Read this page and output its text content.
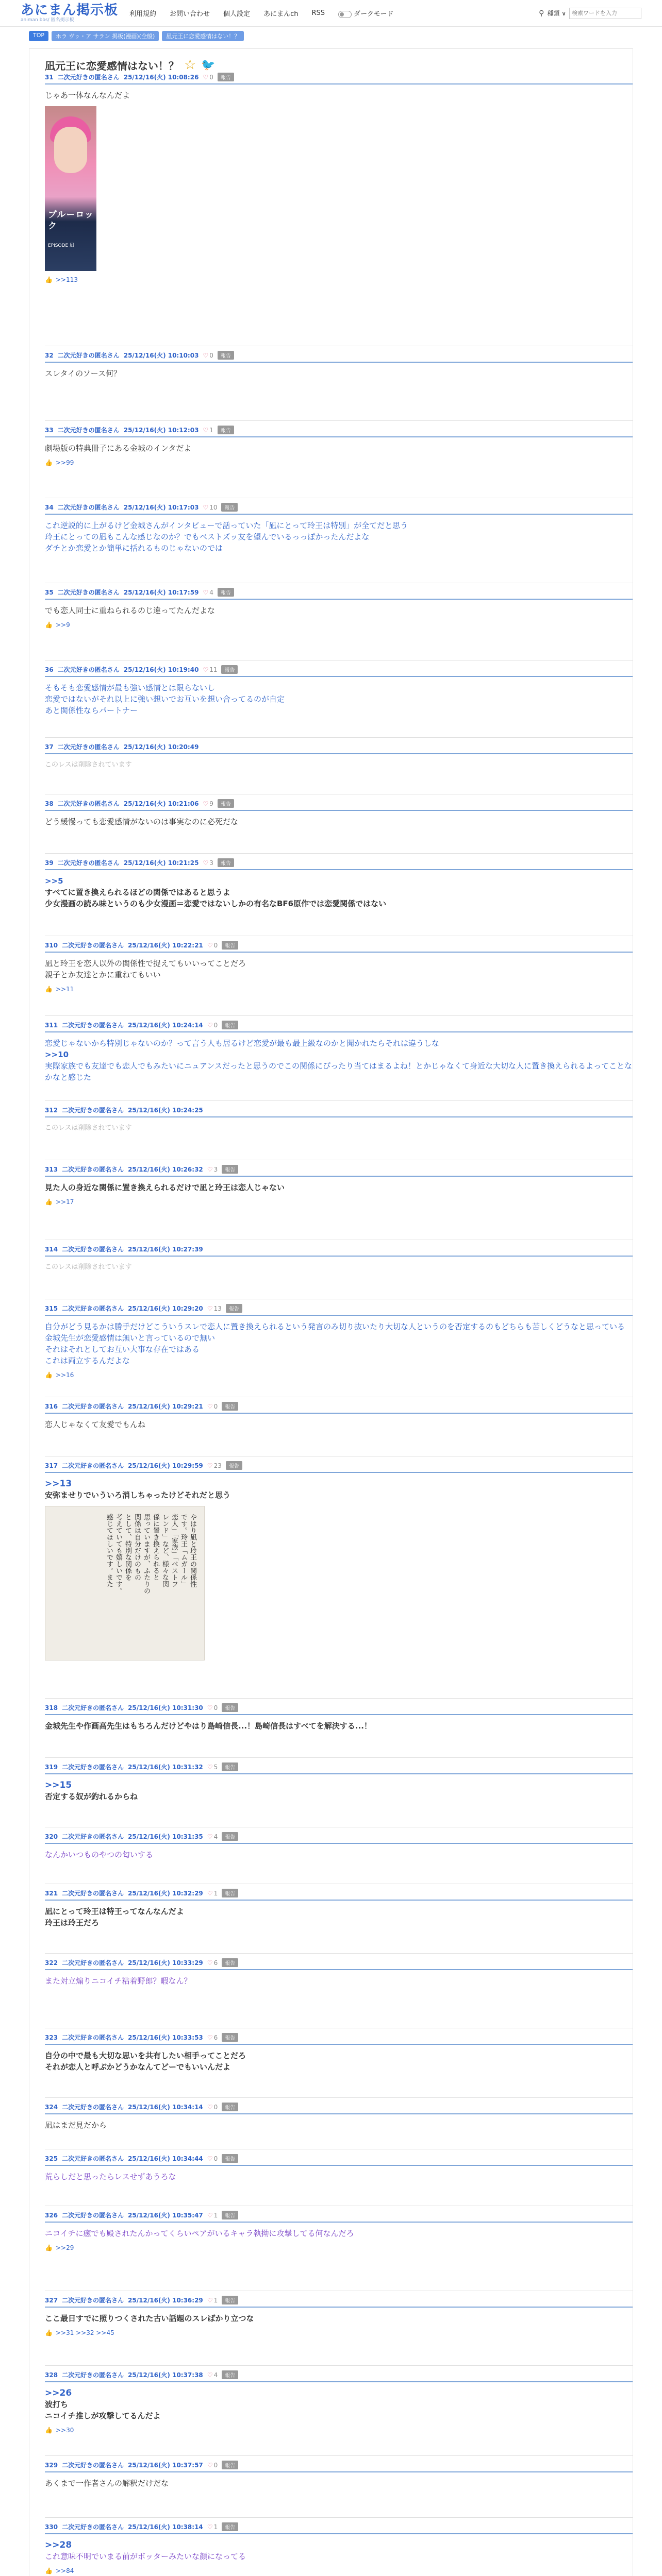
あにまん掲示板
animan bbs/ 匿名掲示板
利用規約 お問い合わせ 個人設定 あにまんch RSS	ダークモード	⚲ 種類 ∨
検索ワードを入力
TOP	ホラ ヴゥ・ア サラン 掲板(漫画)(全般)	凪元王に恋愛感情はない！？
凪元王に恋愛感情はない！？ ☆ 🐦
31 二次元好きの匿名さん 25/12/16(火) 10:08:26 ♡ 0	報告
じゃあ一体なんなんだよ
ブルーロック
EPISODE 凪
👍 >>113
32 二次元好きの匿名さん 25/12/16(火) 10:10:03 ♡ 0	報告
スレタイのソース何？
33 二次元好きの匿名さん 25/12/16(火) 10:12:03 ♡ 1	報告
劇場版の特典冊子にある金城のインタだよ
👍 >>99
34 二次元好きの匿名さん 25/12/16(火) 10:17:03 ♡ 10	報告
これ逆説的に上がるけど金城さんがインタビューで話っていた「凪にとって玲王は特別」が全てだと思う
玲王にとっての凪もこんな感じなのか？でもベストズッ友を望んでいるっっぽかったんだよな
ダチとか恋愛とか簡単に括れるものじゃないのでは
35 二次元好きの匿名さん 25/12/16(火) 10:17:59 ♡ 4	報告
でも恋人同士に重ねられるのじ違ってたんだよな
👍 >>9
36 二次元好きの匿名さん 25/12/16(火) 10:19:40 ♡ 11	報告
そもそも恋愛感情が最も強い感情とは限らないし
恋愛ではないがそれ以上に強い想いでお互いを想い合ってるのが自定
あと関係性ならパートナー
37 二次元好きの匿名さん 25/12/16(火) 10:20:49
このレスは削除されています
38 二次元好きの匿名さん 25/12/16(火) 10:21:06 ♡ 9	報告
どう緩慢っても恋愛感情がないのは事実なのに必死だな
39 二次元好きの匿名さん 25/12/16(火) 10:21:25 ♡ 3	報告
>>5
すべてに置き換えられるほどの関係ではあると思うよ
少女漫画の読み味というのも少女漫画＝恋愛ではないしかの有名なBF6原作では恋愛関係ではない
310 二次元好きの匿名さん 25/12/16(火) 10:22:21 ♡ 0	報告
凪と玲王を恋人以外の関係性で捉えてもいいってことだろ
親子とか友達とかに重ねてもいい
👍 >>11
311 二次元好きの匿名さん 25/12/16(火) 10:24:14 ♡ 0	報告
恋愛じゃないから特別じゃないのか？って言う人も居るけど恋愛が最も最上級なのかと聞かれたらそれは違うしな
>>10
実際家族でも友達でも恋人でもみたいにニュアンスだったと思うのでこの関係にぴったり当てはまるよね！とかじゃなくて身近な大切な人に置き換えられるよってことなかなと感じた
312 二次元好きの匿名さん 25/12/16(火) 10:24:25
このレスは削除されています
313 二次元好きの匿名さん 25/12/16(火) 10:26:32 ♡ 3	報告
見た人の身近な関係に置き換えられるだけで凪と玲王は恋人じゃない
👍 >>17
314 二次元好きの匿名さん 25/12/16(火) 10:27:39
このレスは削除されています
315 二次元好きの匿名さん 25/12/16(火) 10:29:20 ♡ 13	報告
自分がどう見るかは勝手だけどこういうスレで恋人に置き換えられるという発言のみ切り抜いたり大切な人というのを否定するのもどちらも苦しくどうなと思っている
金城先生が恋愛感情は無いと言っているので無い
それはそれとしてお互い大事な存在ではある
これは両立するんだよな
👍 >>16
316 二次元好きの匿名さん 25/12/16(火) 10:29:21 ♡ 0	報告
恋人じゃなくて友愛でもんね
317 二次元好きの匿名さん 25/12/16(火) 10:29:59 ♡ 23	報告
>>13
安弥ませりでいういろ消しちゃったけどそれだと思う
やはり凪と玲王の関係性
です。玲王「ムガール」
恋人」「家族」「ベストフ
レンド」など、様々な関
係に置き換えられると
思っていますが、ふたりの
関係は自分だけのもの
として、特別な関係を
考えていても嬉しいです。
感じてほしいです。また
318 二次元好きの匿名さん 25/12/16(火) 10:31:30 ♡ 0	報告
金城先生や作画高先生はもちろんだけどやはり島崎信長...！島崎信長はすべてを解決する...！
319 二次元好きの匿名さん 25/12/16(火) 10:31:32 ♡ 5	報告
>>15
否定する奴が釣れるからね
320 二次元好きの匿名さん 25/12/16(火) 10:31:35 ♡ 4	報告
なんかいつものやつの匂いする
321 二次元好きの匿名さん 25/12/16(火) 10:32:29 ♡ 1	報告
凪にとって玲王は特王ってなんなんだよ
玲王は玲王だろ
322 二次元好きの匿名さん 25/12/16(火) 10:33:29 ♡ 6	報告
また対立煽りニコイチ粘着野郎？暇なん？
323 二次元好きの匿名さん 25/12/16(火) 10:33:53 ♡ 6	報告
自分の中で最も大切な思いを共有したい相手ってことだろ
それが恋人と呼ぶかどうかなんてどーでもいいんだよ
324 二次元好きの匿名さん 25/12/16(火) 10:34:14 ♡ 0	報告
凪はまだ見だから
325 二次元好きの匿名さん 25/12/16(火) 10:34:44 ♡ 0	報告
荒らしだと思ったらレスせずあうろな
326 二次元好きの匿名さん 25/12/16(火) 10:35:47 ♡ 1	報告
ニコイチに癒でも殿されたんかってくらいペアがいるキャラ執拗に攻撃してる何なんだろ
👍 >>29
327 二次元好きの匿名さん 25/12/16(火) 10:36:29 ♡ 1	報告
ここ最日すでに照りつくされた古い話題のスレばかり立つな
👍 >>31 >>32 >>45
328 二次元好きの匿名さん 25/12/16(火) 10:37:38 ♡ 4	報告
>>26
波打ち
ニコイチ推しが攻撃してるんだよ
👍 >>30
329 二次元好きの匿名さん 25/12/16(火) 10:37:57 ♡ 0	報告
あくまで一作者さんの解釈だけだな
330 二次元好きの匿名さん 25/12/16(火) 10:38:14 ♡ 1	報告
>>28
これ意味不明でいまる前がボッターみたいな顔になってる
👍 >>84
